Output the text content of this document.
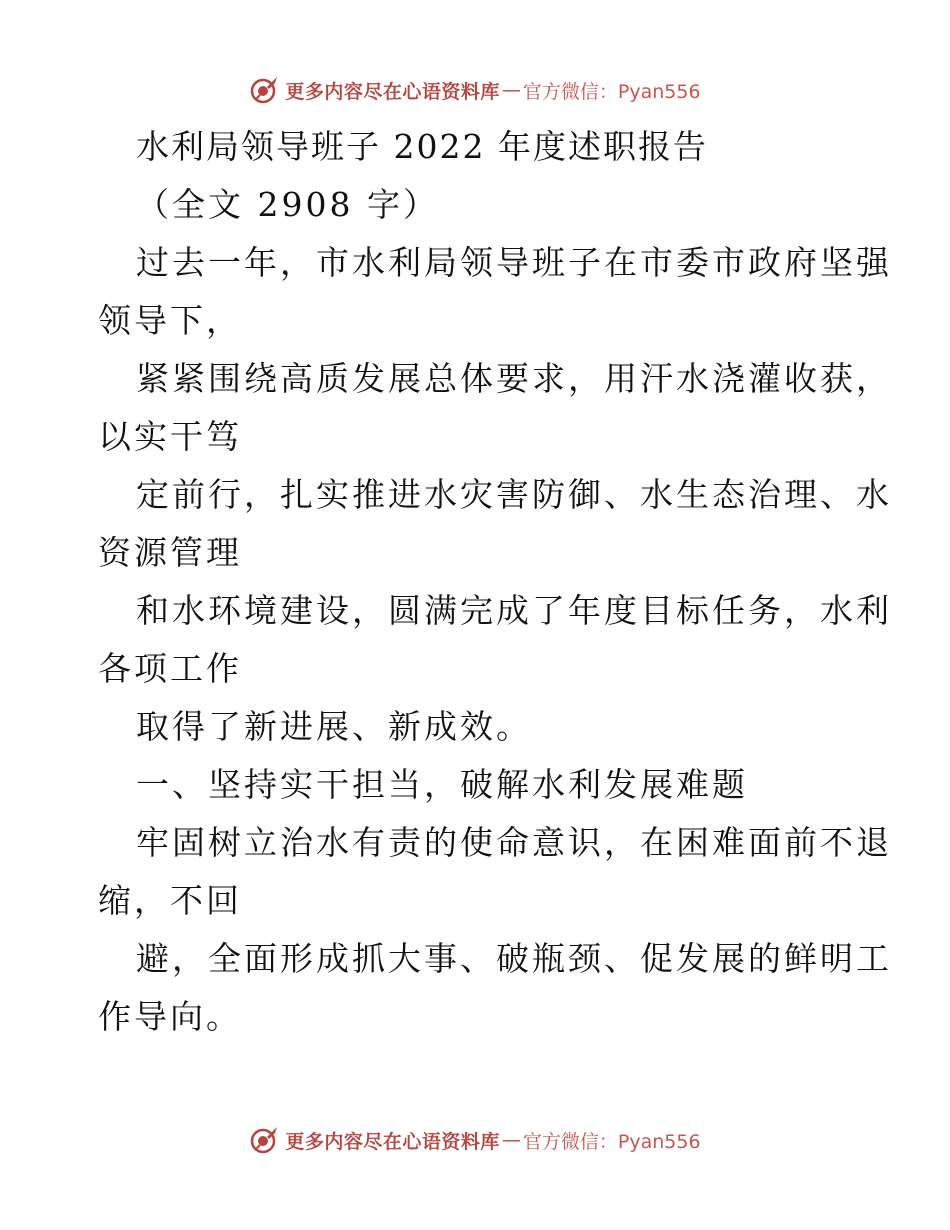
更多内容尽在心语资料库 — 官方微信：Pyan556
水利局领导班子 2022 年度述职报告
（全文 2908 字）
过去一年，市水利局领导班子在市委市政府坚强
领导下，
紧紧围绕高质发展总体要求，用汗水浇灌收获，
以实干笃
定前行，扎实推进水灾害防御、水生态治理、水
资源管理
和水环境建设，圆满完成了年度目标任务，水利
各项工作
取得了新进展、新成效。
一、坚持实干担当，破解水利发展难题
牢固树立治水有责的使命意识，在困难面前不退
缩，不回
避，全面形成抓大事、破瓶颈、促发展的鲜明工
作导向。
更多内容尽在心语资料库 — 官方微信：Pyan556
